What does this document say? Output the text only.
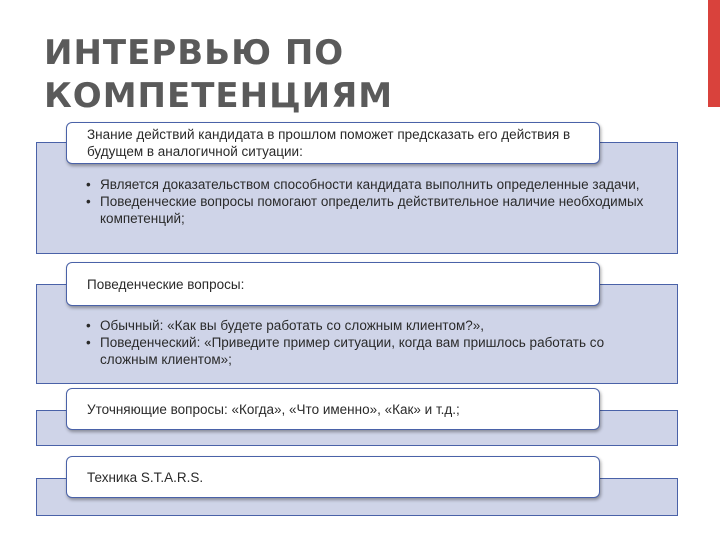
ИНТЕРВЬЮ ПО
КОМПЕТЕНЦИЯМ
Знание действий кандидата в прошлом поможет предсказать его действия в будущем в аналогичной ситуации:
• Является доказательством способности кандидата выполнить определенные задачи,
• Поведенческие вопросы помогают определить действительное наличие необходимых компетенций;
Поведенческие вопросы:
• Обычный: «Как вы будете работать со сложным клиентом?»,
• Поведенческий: «Приведите пример ситуации, когда вам пришлось работать со сложным клиентом»;
Уточняющие вопросы: «Когда», «Что именно», «Как» и т.д.;
Техника S.T.A.R.S.
